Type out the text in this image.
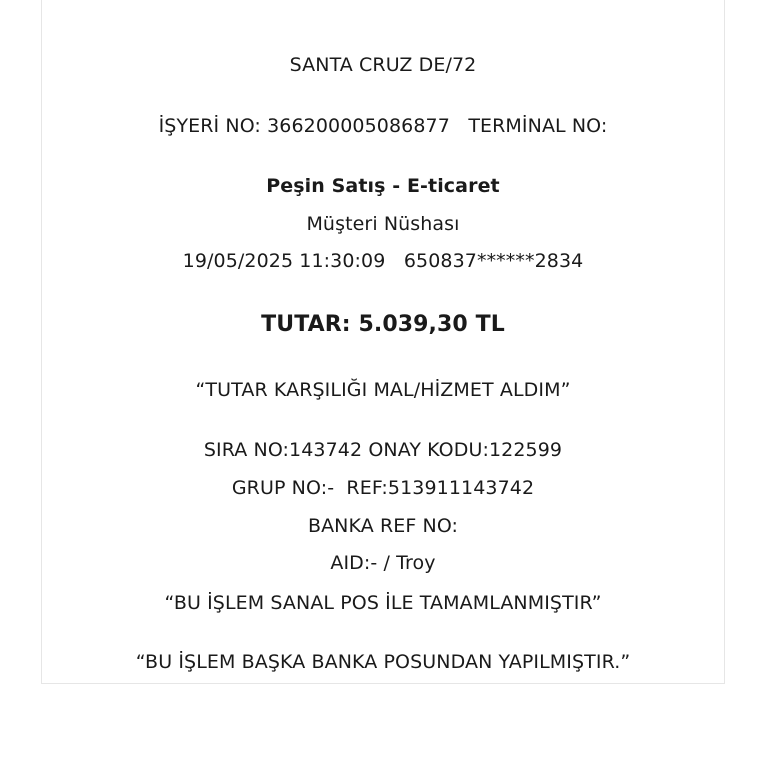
SANTA CRUZ DE/72
İŞYERİ NO: 366200005086877   TERMİNAL NO:
Peşin Satış - E-ticaret
Müşteri Nüshası
19/05/2025 11:30:09   650837******2834
TUTAR: 5.039,30 TL
“TUTAR KARŞILIĞI MAL/HİZMET ALDIM”
SIRA NO:143742 ONAY KODU:122599
GRUP NO:-  REF:513911143742
BANKA REF NO:
AID:- / Troy
“BU İŞLEM SANAL POS İLE TAMAMLANMIŞTIR”
“BU İŞLEM BAŞKA BANKA POSUNDAN YAPILMIŞTIR.”
